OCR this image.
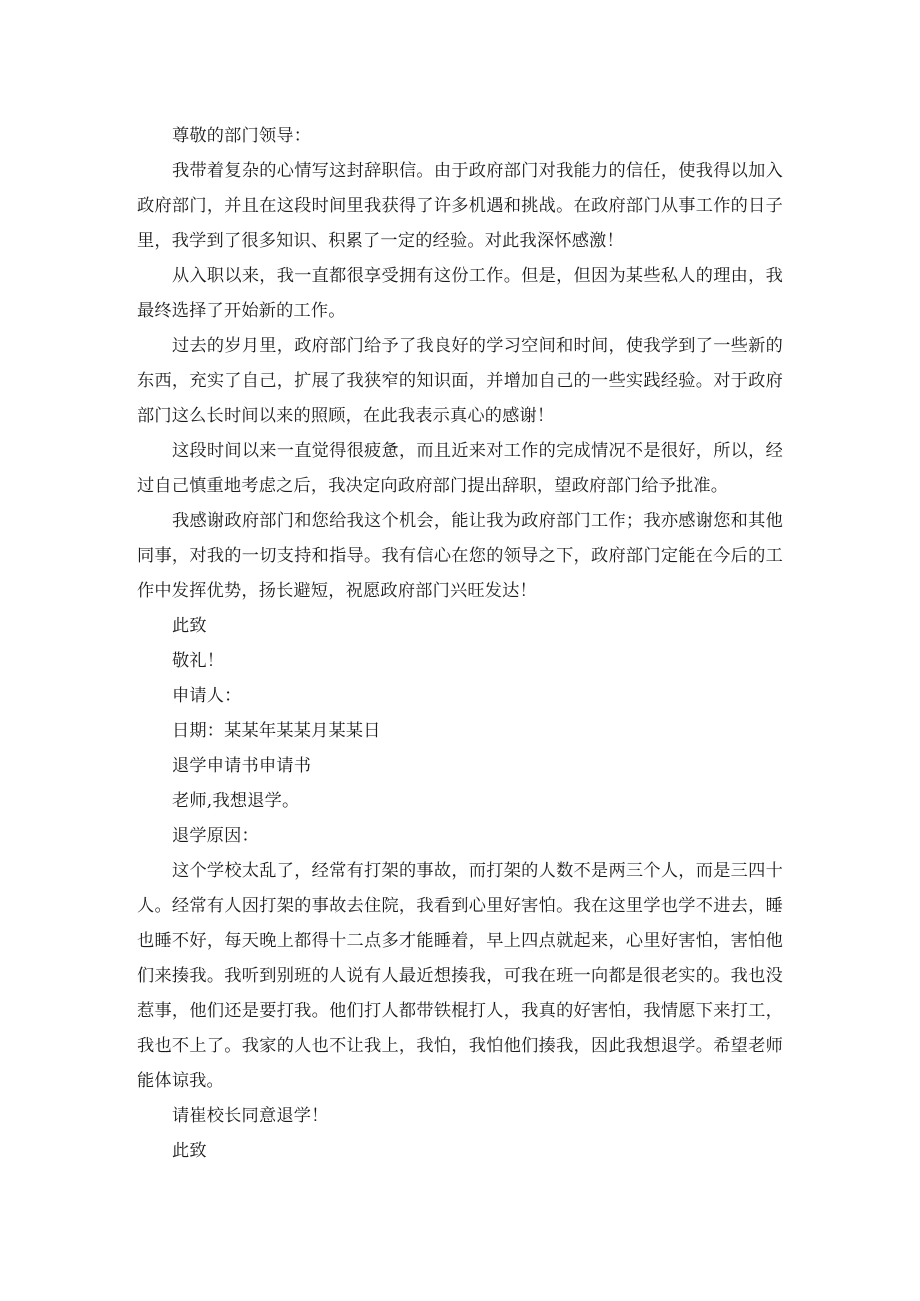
尊敬的部门领导：

我带着复杂的心情写这封辞职信。由于政府部门对我能力的信任，使我得以加入政府部门，并且在这段时间里我获得了许多机遇和挑战。在政府部门从事工作的日子里，我学到了很多知识、积累了一定的经验。对此我深怀感激！

从入职以来，我一直都很享受拥有这份工作。但是，但因为某些私人的理由，我最终选择了开始新的工作。

过去的岁月里，政府部门给予了我良好的学习空间和时间，使我学到了一些新的东西，充实了自己，扩展了我狭窄的知识面，并增加自己的一些实践经验。对于政府部门这么长时间以来的照顾，在此我表示真心的感谢！

这段时间以来一直觉得很疲惫，而且近来对工作的完成情况不是很好，所以，经过自己慎重地考虑之后，我决定向政府部门提出辞职，望政府部门给予批准。

我感谢政府部门和您给我这个机会，能让我为政府部门工作；我亦感谢您和其他同事，对我的一切支持和指导。我有信心在您的领导之下，政府部门定能在今后的工作中发挥优势，扬长避短，祝愿政府部门兴旺发达！

此致

敬礼！

申请人：

日期：某某年某某月某某日

退学申请书申请书

老师,我想退学。

退学原因：

这个学校太乱了，经常有打架的事故，而打架的人数不是两三个人，而是三四十人。经常有人因打架的事故去住院，我看到心里好害怕。我在这里学也学不进去，睡也睡不好，每天晚上都得十二点多才能睡着，早上四点就起来，心里好害怕，害怕他们来揍我。我听到别班的人说有人最近想揍我，可我在班一向都是很老实的。我也没惹事，他们还是要打我。他们打人都带铁棍打人，我真的好害怕，我情愿下来打工，我也不上了。我家的人也不让我上，我怕，我怕他们揍我，因此我想退学。希望老师能体谅我。

请崔校长同意退学！

此致
